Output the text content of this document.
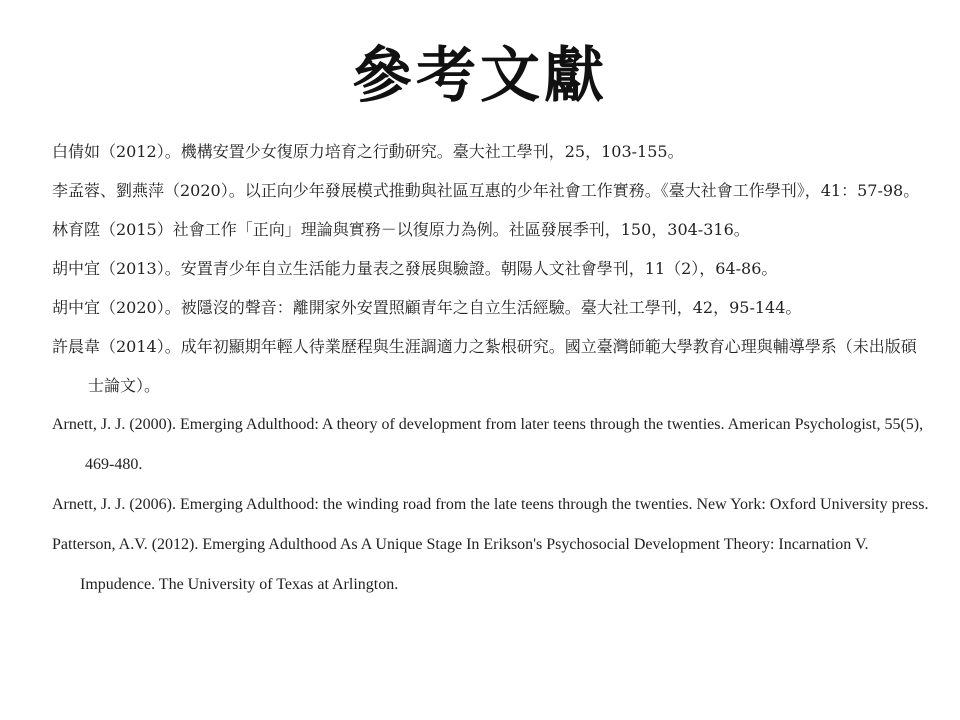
參考文獻
白倩如（2012）。機構安置少女復原力培育之行動研究。臺大社工學刊，25，103-155。
李孟蓉、劉燕萍（2020）。以正向少年發展模式推動與社區互惠的少年社會工作實務。《臺大社會工作學刊》，41：57-98。
林育陞（2015）社會工作「正向」理論與實務－以復原力為例。社區發展季刊，150，304-316。
胡中宜（2013）。安置青少年自立生活能力量表之發展與驗證。朝陽人文社會學刊，11（2），64-86。
胡中宜（2020）。被隱沒的聲音：離開家外安置照顧青年之自立生活經驗。臺大社工學刊，42，95-144。
許晨韋（2014）。成年初顯期年輕人待業歷程與生涯調適力之紮根研究。國立臺灣師範大學教育心理與輔導學系（未出版碩士論文）。
Arnett, J. J. (2000). Emerging Adulthood: A theory of development from later teens through the twenties. American Psychologist, 55(5), 469-480.
Arnett, J. J. (2006). Emerging Adulthood: the winding road from the late teens through the twenties. New York: Oxford University press.
Patterson, A.V. (2012). Emerging Adulthood As A Unique Stage In Erikson's Psychosocial Development Theory: Incarnation V. Impudence. The University of Texas at Arlington.
